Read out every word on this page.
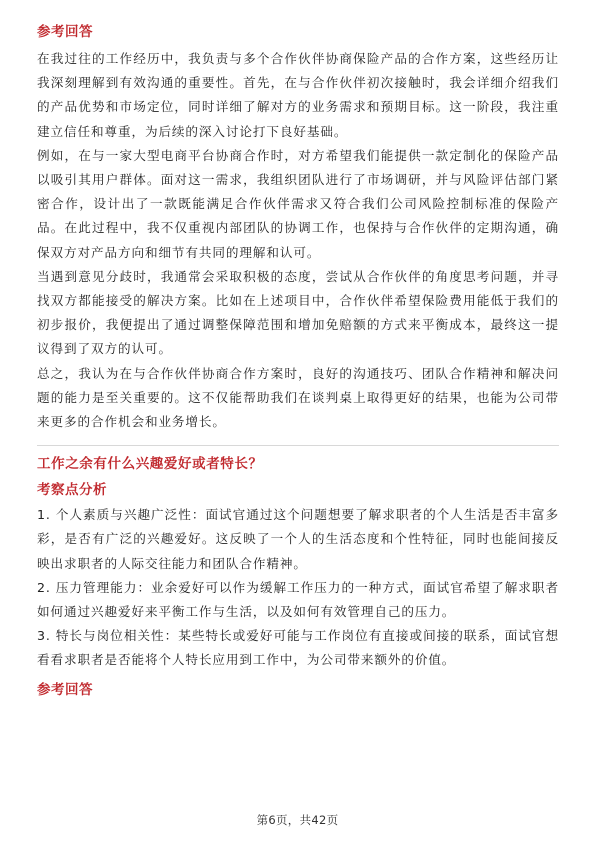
参考回答

在我过往的工作经历中，我负责与多个合作伙伴协商保险产品的合作方案，这些经历让我深刻理解到有效沟通的重要性。首先，在与合作伙伴初次接触时，我会详细介绍我们的产品优势和市场定位，同时详细了解对方的业务需求和预期目标。这一阶段，我注重建立信任和尊重，为后续的深入讨论打下良好基础。

例如，在与一家大型电商平台协商合作时，对方希望我们能提供一款定制化的保险产品以吸引其用户群体。面对这一需求，我组织团队进行了市场调研，并与风险评估部门紧密合作，设计出了一款既能满足合作伙伴需求又符合我们公司风险控制标准的保险产品。在此过程中，我不仅重视内部团队的协调工作，也保持与合作伙伴的定期沟通，确保双方对产品方向和细节有共同的理解和认可。

当遇到意见分歧时，我通常会采取积极的态度，尝试从合作伙伴的角度思考问题，并寻找双方都能接受的解决方案。比如在上述项目中，合作伙伴希望保险费用能低于我们的初步报价，我便提出了通过调整保障范围和增加免赔额的方式来平衡成本，最终这一提议得到了双方的认可。

总之，我认为在与合作伙伴协商合作方案时，良好的沟通技巧、团队合作精神和解决问题的能力是至关重要的。这不仅能帮助我们在谈判桌上取得更好的结果，也能为公司带来更多的合作机会和业务增长。

工作之余有什么兴趣爱好或者特长？
考察点分析

1. 个人素质与兴趣广泛性：面试官通过这个问题想要了解求职者的个人生活是否丰富多彩，是否有广泛的兴趣爱好。这反映了一个人的生活态度和个性特征，同时也能间接反映出求职者的人际交往能力和团队合作精神。

2. 压力管理能力：业余爱好可以作为缓解工作压力的一种方式，面试官希望了解求职者如何通过兴趣爱好来平衡工作与生活，以及如何有效管理自己的压力。

3. 特长与岗位相关性：某些特长或爱好可能与工作岗位有直接或间接的联系，面试官想看看求职者是否能将个人特长应用到工作中，为公司带来额外的价值。

参考回答
第6页，共42页
